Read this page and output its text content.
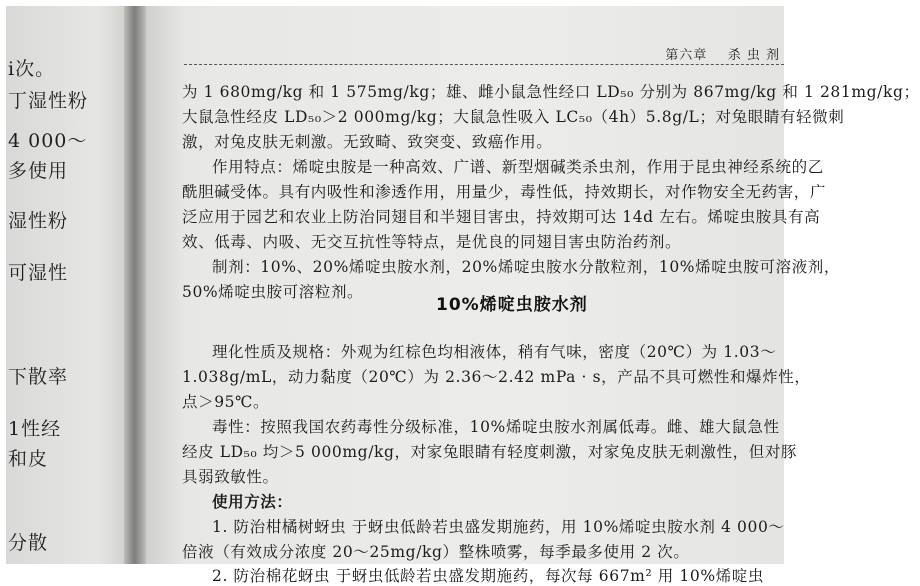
ⅰ次。
丁湿性粉
4 000～
多使用
湿性粉
可湿性
下散率
1性经
和皮
分散
第六章 杀 虫 剂
为 1 680mg/kg 和 1 575mg/kg；雄、雌小鼠急性经口 LD₅₀ 分别为 867mg/kg 和 1 281mg/kg；
大鼠急性经皮 LD₅₀＞2 000mg/kg；大鼠急性吸入 LC₅₀（4h）5.8g/L；对兔眼睛有轻微刺
激，对兔皮肤无刺激。无致畸、致突变、致癌作用。
作用特点：烯啶虫胺是一种高效、广谱、新型烟碱类杀虫剂，作用于昆虫神经系统的乙
酰胆碱受体。具有内吸性和渗透作用，用量少，毒性低，持效期长，对作物安全无药害，广
泛应用于园艺和农业上防治同翅目和半翅目害虫，持效期可达 14d 左右。烯啶虫胺具有高
效、低毒、内吸、无交互抗性等特点，是优良的同翅目害虫防治药剂。
制剂：10%、20%烯啶虫胺水剂，20%烯啶虫胺水分散粒剂，10%烯啶虫胺可溶液剂，
50%烯啶虫胺可溶粒剂。
10%烯啶虫胺水剂
理化性质及规格：外观为红棕色均相液体，稍有气味，密度（20℃）为 1.03～
1.038g/mL，动力黏度（20℃）为 2.36～2.42 mPa · s，产品不具可燃性和爆炸性，
点＞95℃。
毒性：按照我国农药毒性分级标准，10%烯啶虫胺水剂属低毒。雌、雄大鼠急性
经皮 LD₅₀ 均＞5 000mg/kg，对家兔眼睛有轻度刺激，对家兔皮肤无刺激性，但对豚
具弱致敏性。
使用方法：
1. 防治柑橘树蚜虫 于蚜虫低龄若虫盛发期施药，用 10%烯啶虫胺水剂 4 000～
倍液（有效成分浓度 20～25mg/kg）整株喷雾，每季最多使用 2 次。
2. 防治棉花蚜虫 于蚜虫低龄若虫盛发期施药，每次每 667m² 用 10%烯啶虫
